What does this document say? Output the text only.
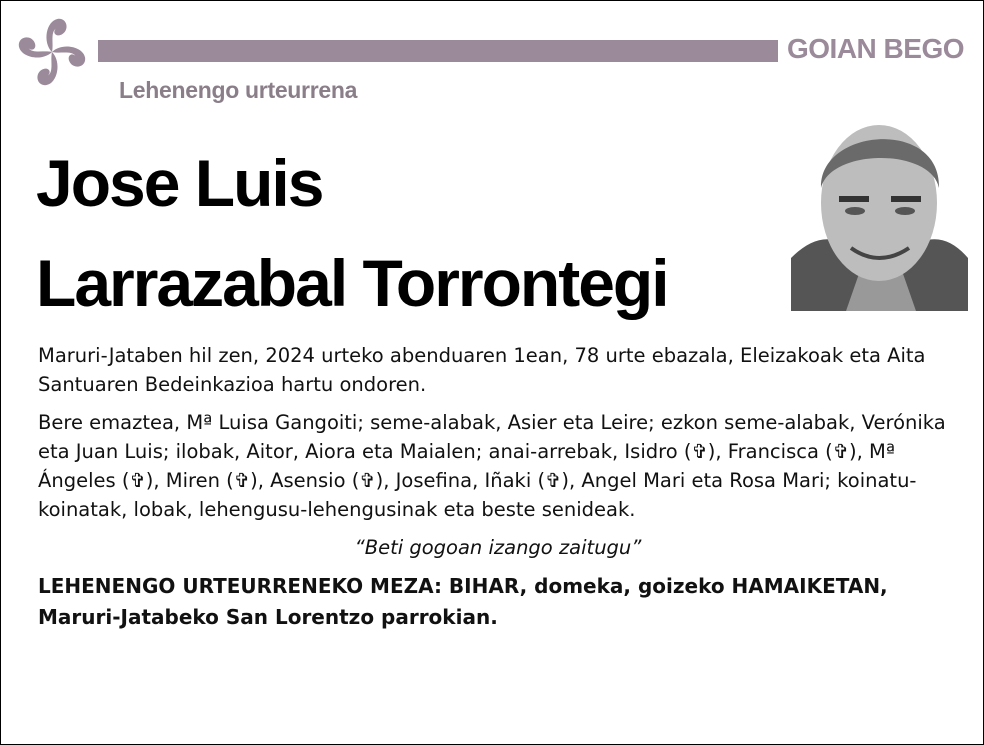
GOIAN BEGO
Lehenengo urteurrena
Jose Luis
Larrazabal Torrontegi

Maruri-Jataben hil zen, 2024 urteko abenduaren 1ean, 78 urte ebazala, Eleizakoak eta Aita Santuaren Bedeinkazioa hartu ondoren.

Bere emaztea, Mª Luisa Gangoiti; seme-alabak, Asier eta Leire; ezkon seme-alabak, Verónika eta Juan Luis; ilobak, Aitor, Aiora eta Maialen; anai-arrebak, Isidro (✞), Francisca (✞), Mª Ángeles (✞), Miren (✞), Asensio (✞), Josefina, Iñaki (✞), Angel Mari eta Rosa Mari; koinatu-koinatak, lobak, lehengusu-lehengusinak eta beste senideak.

“Beti gogoan izango zaitugu”

LEHENENGO URTEURRENEKO MEZA: BIHAR, domeka, goizeko HAMAIKETAN, Maruri-Jatabeko San Lorentzo parrokian.
